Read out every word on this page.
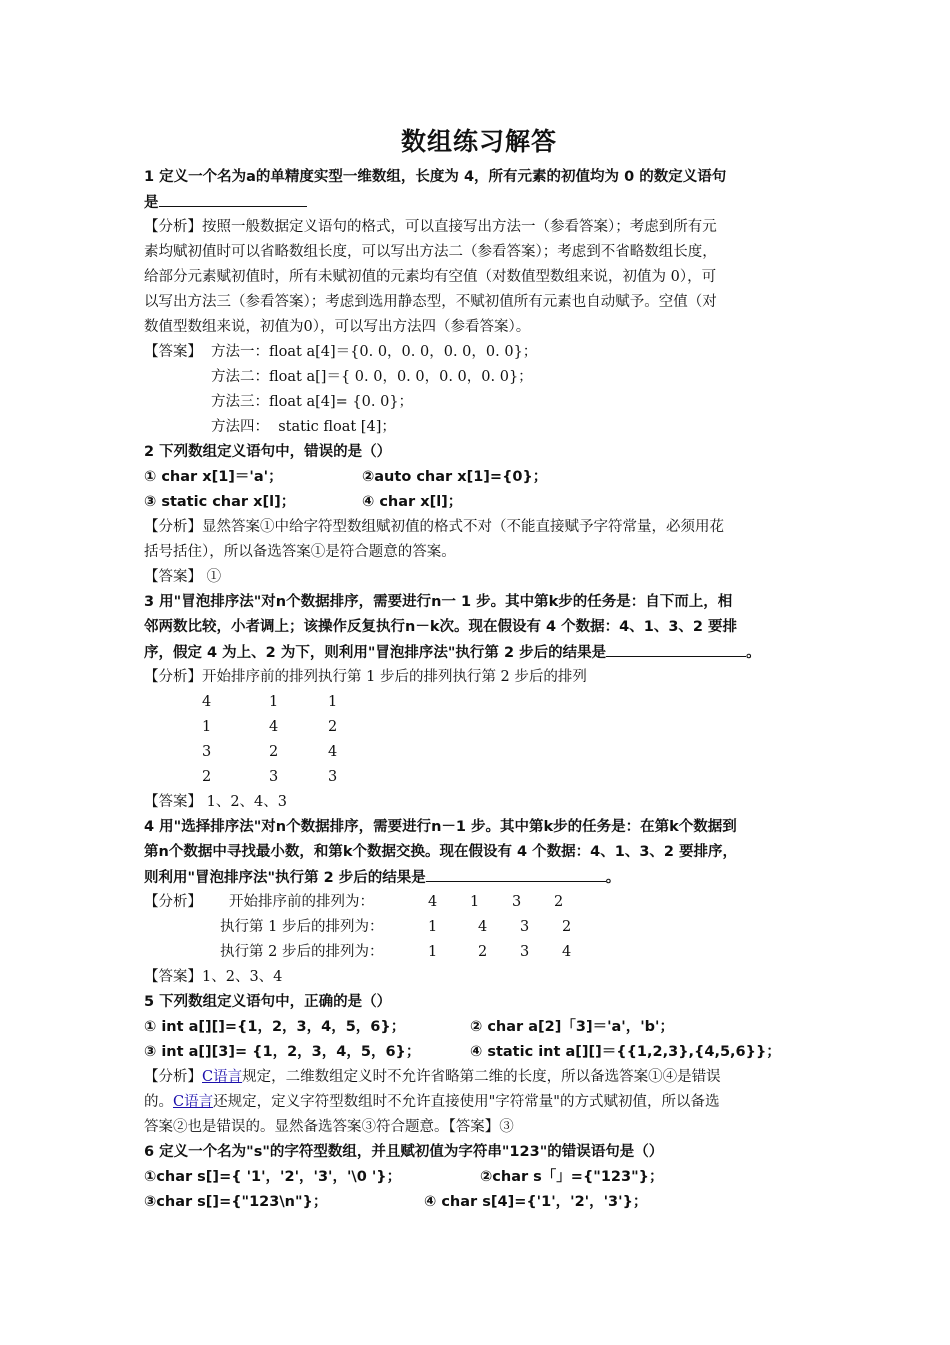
数组练习解答
1 定义一个名为a的单精度实型一维数组，长度为 4，所有元素的初值均为 0 的数定义语句
是
【分析】按照一般数据定义语句的格式，可以直接写出方法一（参看答案）；考虑到所有元
素均赋初值时可以省略数组长度，可以写出方法二（参看答案）；考虑到不省略数组长度，
给部分元素赋初值时，所有未赋初值的元素均有空值（对数值型数组来说，初值为 0），可
以写出方法三（参看答案）；考虑到选用静态型，不赋初值所有元素也自动赋予。空值（对
数值型数组来说，初值为0），可以写出方法四（参看答案）。
【答案】 方法一：float a[4]＝{0. 0，0. 0，0. 0，0. 0}；
方法二：float a[]＝{ 0. 0，0. 0，0. 0，0. 0}；
方法三：float a[4]= {0. 0}；
方法四：  static float [4]；
2 下列数组定义语句中，错误的是（）
① char x[1]＝'a'；	②auto char x[1]={0}；
③ static char x[l]；	④ char x[l]；
【分析】显然答案①中给字符型数组赋初值的格式不对（不能直接赋予字符常量，必须用花
括号括住），所以备选答案①是符合题意的答案。
【答案】 ①
3 用"冒泡排序法"对n个数据排序，需要进行n一 1 步。其中第k步的任务是：自下而上，相
邻两数比较，小者调上；该操作反复执行n－k次。现在假设有 4 个数据：4、1、3、2 要排
序，假定 4 为上、2 为下，则利用"冒泡排序法"执行第 2 步后的结果是	。
【分析】开始排序前的排列执行第 1 步后的排列执行第 2 步后的排列
4	1	1
1	4	2
3	2	4
2	3	3
【答案】 1、2、4、3
4 用"选择排序法"对n个数据排序，需要进行n－1 步。其中第k步的任务是：在第k个数据到
第n个数据中寻找最小数，和第k个数据交换。现在假设有 4 个数据：4、1、3、2 要排序，
则利用"冒泡排序法"执行第 2 步后的结果是	。
【分析】 开始排序前的排列为：	4 1 3 2
执行第 1 步后的排列为：	1	4 3 2
执行第 2 步后的排列为：	1	2 3 4
【答案】1、2、3、4
5 下列数组定义语句中，正确的是（）
① int a[][]={1，2，3，4，5，6}；	② char a[2]「3]＝'a'，'b'；
③ int a[][3]= {1，2，3，4，5，6}；	④ static int a[][]＝{{1,2,3},{4,5,6}}；
【分析】C语言规定，二维数组定义时不允许省略第二维的长度，所以备选答案①④是错误
的。C语言还规定，定义字符型数组时不允许直接使用"字符常量"的方式赋初值，所以备选
答案②也是错误的。显然备选答案③符合题意。【答案】③
6 定义一个名为"s"的字符型数组，并且赋初值为字符串"123"的错误语句是（）
①char s[]={ '1'，'2'，'3'，'\0 '}；	②char s「」={"123"}；
③char s[]={"123\n"}；	④ char s[4]={'1'，'2'，'3'}；
